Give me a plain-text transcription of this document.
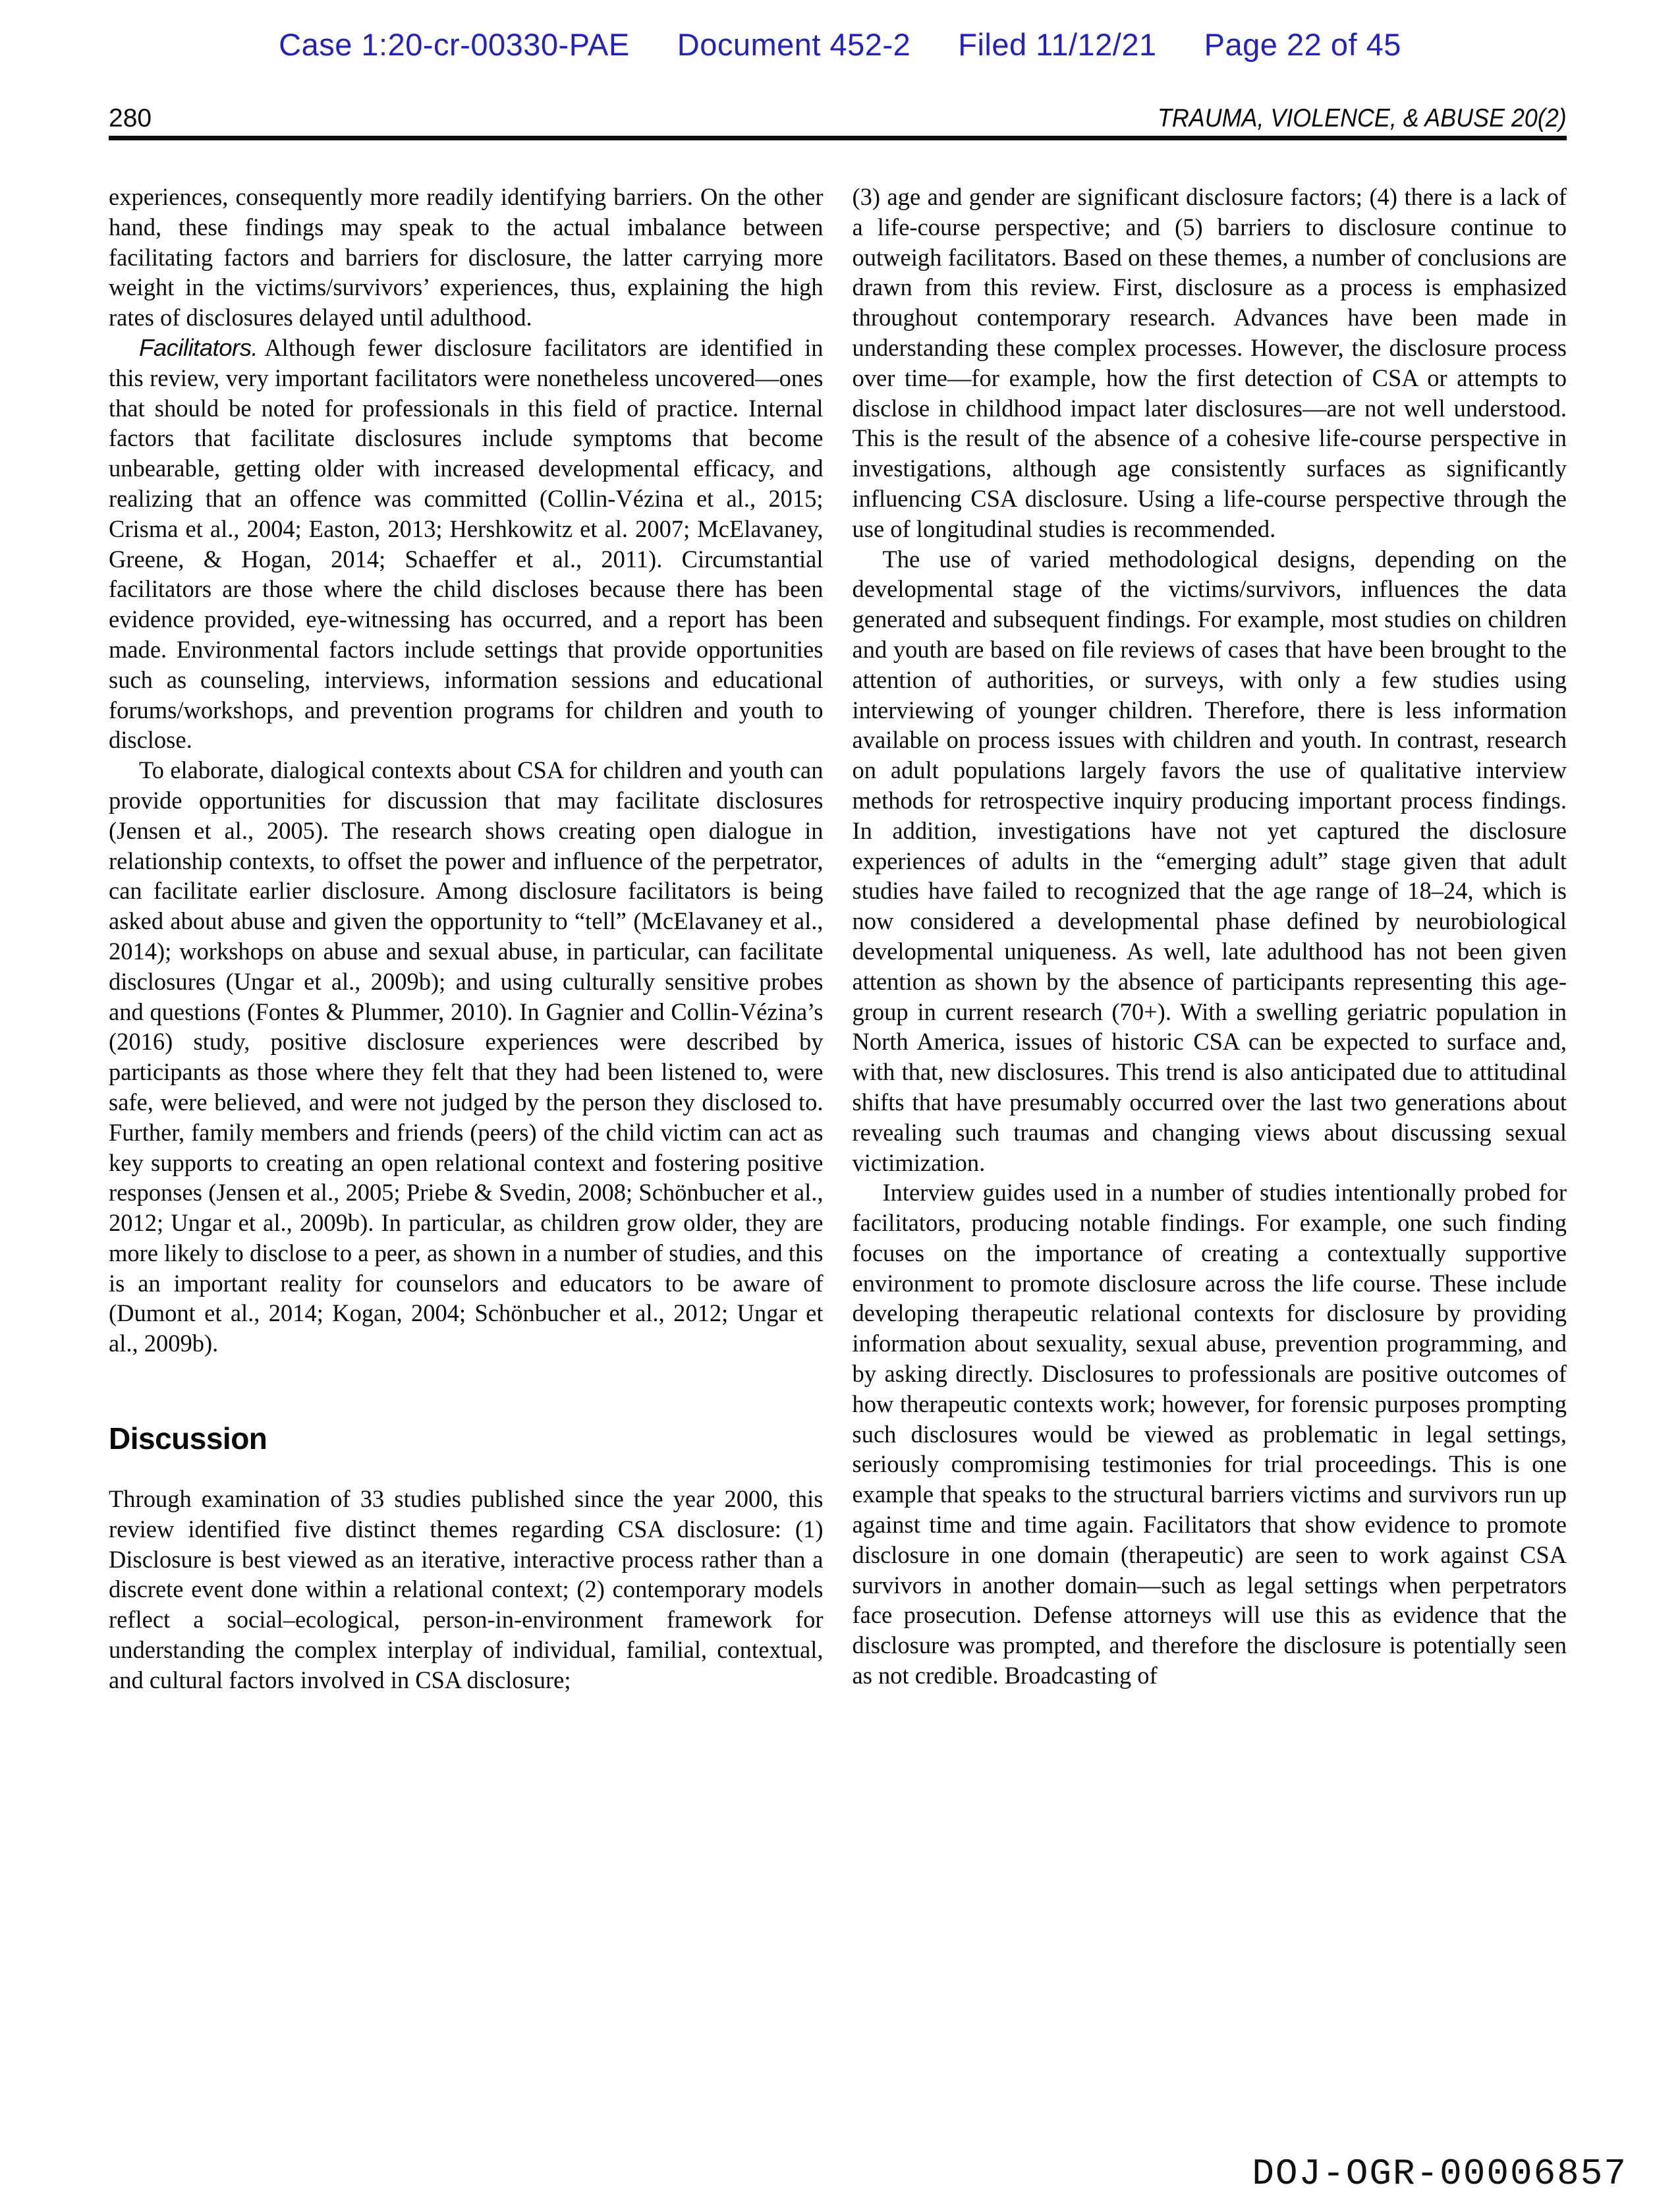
Case 1:20-cr-00330-PAE Document 452-2 Filed 11/12/21 Page 22 of 45
280	TRAUMA, VIOLENCE, & ABUSE 20(2)

experiences, consequently more readily identifying barriers. On the other hand, these findings may speak to the actual imbalance between facilitating factors and barriers for disclosure, the latter carrying more weight in the victims/survivors’ experiences, thus, explaining the high rates of disclosures delayed until adulthood.

Facilitators. Although fewer disclosure facilitators are identified in this review, very important facilitators were nonetheless uncovered—ones that should be noted for professionals in this field of practice. Internal factors that facilitate disclosures include symptoms that become unbearable, getting older with increased developmental efficacy, and realizing that an offence was committed (Collin-Vézina et al., 2015; Crisma et al., 2004; Easton, 2013; Hershkowitz et al. 2007; McElavaney, Greene, & Hogan, 2014; Schaeffer et al., 2011). Circumstantial facilitators are those where the child discloses because there has been evidence provided, eye-witnessing has occurred, and a report has been made. Environmental factors include settings that provide opportunities such as counseling, interviews, information sessions and educational forums/workshops, and prevention programs for children and youth to disclose.

To elaborate, dialogical contexts about CSA for children and youth can provide opportunities for discussion that may facilitate disclosures (Jensen et al., 2005). The research shows creating open dialogue in relationship contexts, to offset the power and influence of the perpetrator, can facilitate earlier disclosure. Among disclosure facilitators is being asked about abuse and given the opportunity to “tell” (McElavaney et al., 2014); workshops on abuse and sexual abuse, in particular, can facilitate disclosures (Ungar et al., 2009b); and using culturally sensitive probes and questions (Fontes & Plummer, 2010). In Gagnier and Collin-Vézina’s (2016) study, positive disclosure experiences were described by participants as those where they felt that they had been listened to, were safe, were believed, and were not judged by the person they disclosed to. Further, family members and friends (peers) of the child victim can act as key supports to creating an open relational context and fostering positive responses (Jensen et al., 2005; Priebe & Svedin, 2008; Schönbucher et al., 2012; Ungar et al., 2009b). In particular, as children grow older, they are more likely to disclose to a peer, as shown in a number of studies, and this is an important reality for counselors and educators to be aware of (Dumont et al., 2014; Kogan, 2004; Schönbucher et al., 2012; Ungar et al., 2009b).

Discussion

Through examination of 33 studies published since the year 2000, this review identified five distinct themes regarding CSA disclosure: (1) Disclosure is best viewed as an iterative, interactive process rather than a discrete event done within a relational context; (2) contemporary models reflect a social–ecological, person-in-environment framework for understanding the complex interplay of individual, familial, contextual, and cultural factors involved in CSA disclosure;

(3) age and gender are significant disclosure factors; (4) there is a lack of a life-course perspective; and (5) barriers to disclosure continue to outweigh facilitators. Based on these themes, a number of conclusions are drawn from this review. First, disclosure as a process is emphasized throughout contemporary research. Advances have been made in understanding these complex processes. However, the disclosure process over time—for example, how the first detection of CSA or attempts to disclose in childhood impact later disclosures—are not well understood. This is the result of the absence of a cohesive life-course perspective in investigations, although age consistently surfaces as significantly influencing CSA disclosure. Using a life-course perspective through the use of longitudinal studies is recommended.

The use of varied methodological designs, depending on the developmental stage of the victims/survivors, influences the data generated and subsequent findings. For example, most studies on children and youth are based on file reviews of cases that have been brought to the attention of authorities, or surveys, with only a few studies using interviewing of younger children. Therefore, there is less information available on process issues with children and youth. In contrast, research on adult populations largely favors the use of qualitative interview methods for retrospective inquiry producing important process findings. In addition, investigations have not yet captured the disclosure experiences of adults in the “emerging adult” stage given that adult studies have failed to recognized that the age range of 18–24, which is now considered a developmental phase defined by neurobiological developmental uniqueness. As well, late adulthood has not been given attention as shown by the absence of participants representing this age-group in current research (70+). With a swelling geriatric population in North America, issues of historic CSA can be expected to surface and, with that, new disclosures. This trend is also anticipated due to attitudinal shifts that have presumably occurred over the last two generations about revealing such traumas and changing views about discussing sexual victimization.

Interview guides used in a number of studies intentionally probed for facilitators, producing notable findings. For example, one such finding focuses on the importance of creating a contextually supportive environment to promote disclosure across the life course. These include developing therapeutic relational contexts for disclosure by providing information about sexuality, sexual abuse, prevention programming, and by asking directly. Disclosures to professionals are positive outcomes of how therapeutic contexts work; however, for forensic purposes prompting such disclosures would be viewed as problematic in legal settings, seriously compromising testimonies for trial proceedings. This is one example that speaks to the structural barriers victims and survivors run up against time and time again. Facilitators that show evidence to promote disclosure in one domain (therapeutic) are seen to work against CSA survivors in another domain—such as legal settings when perpetrators face prosecution. Defense attorneys will use this as evidence that the disclosure was prompted, and therefore the disclosure is potentially seen as not credible. Broadcasting of

DOJ-OGR-00006857
